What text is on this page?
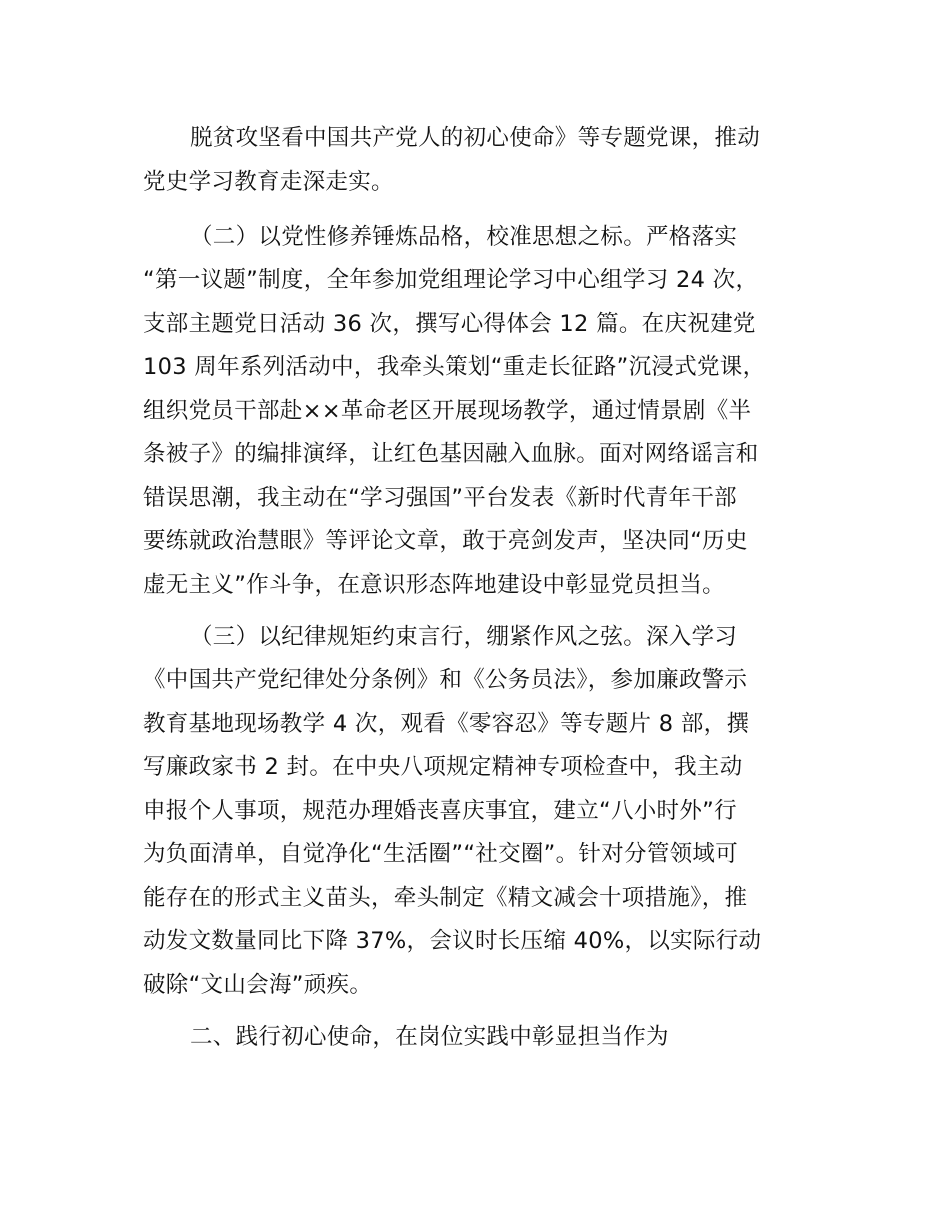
脱贫攻坚看中国共产党人的初心使命》等专题党课，推动
党史学习教育走深走实。
（二）以党性修养锤炼品格，校准思想之标。严格落实
“第一议题”制度，全年参加党组理论学习中心组学习 24 次，
支部主题党日活动 36 次，撰写心得体会 12 篇。在庆祝建党
103 周年系列活动中，我牵头策划“重走长征路”沉浸式党课，
组织党员干部赴××革命老区开展现场教学，通过情景剧《半
条被子》的编排演绎，让红色基因融入血脉。面对网络谣言和
错误思潮，我主动在“学习强国”平台发表《新时代青年干部
要练就政治慧眼》等评论文章，敢于亮剑发声，坚决同“历史
虚无主义”作斗争，在意识形态阵地建设中彰显党员担当。
（三）以纪律规矩约束言行，绷紧作风之弦。深入学习
《中国共产党纪律处分条例》和《公务员法》，参加廉政警示
教育基地现场教学 4 次，观看《零容忍》等专题片 8 部，撰
写廉政家书 2 封。在中央八项规定精神专项检查中，我主动
申报个人事项，规范办理婚丧喜庆事宜，建立“八小时外”行
为负面清单，自觉净化“生活圈”“社交圈”。针对分管领域可
能存在的形式主义苗头，牵头制定《精文减会十项措施》，推
动发文数量同比下降 37%，会议时长压缩 40%，以实际行动
破除“文山会海”顽疾。
二、践行初心使命，在岗位实践中彰显担当作为
